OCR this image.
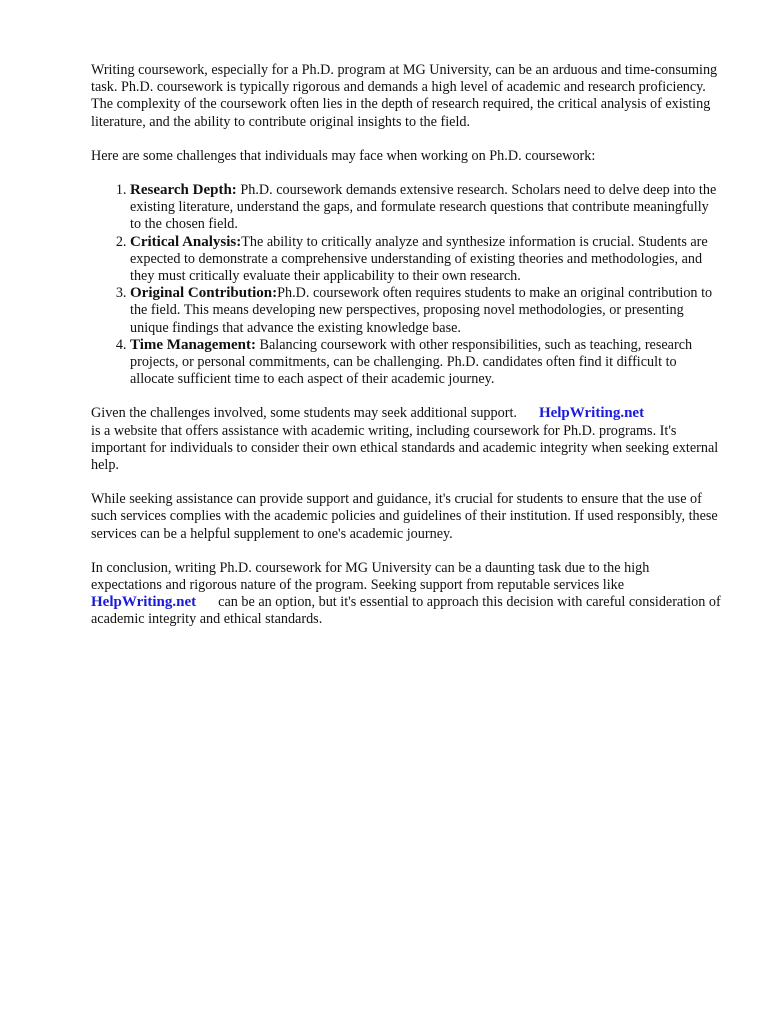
Writing coursework, especially for a Ph.D. program at MG University, can be an arduous and time-consuming task. Ph.D. coursework is typically rigorous and demands a high level of academic and research proficiency. The complexity of the coursework often lies in the depth of research required, the critical analysis of existing literature, and the ability to contribute original insights to the field.

Here are some challenges that individuals may face when working on Ph.D. coursework:

1. Research Depth: Ph.D. coursework demands extensive research. Scholars need to delve deep into the existing literature, understand the gaps, and formulate research questions that contribute meaningfully to the chosen field.
2. Critical Analysis:The ability to critically analyze and synthesize information is crucial. Students are expected to demonstrate a comprehensive understanding of existing theories and methodologies, and they must critically evaluate their applicability to their own research.
3. Original Contribution:Ph.D. coursework often requires students to make an original contribution to the field. This means developing new perspectives, proposing novel methodologies, or presenting unique findings that advance the existing knowledge base.
4. Time Management: Balancing coursework with other responsibilities, such as teaching, research projects, or personal commitments, can be challenging. Ph.D. candidates often find it difficult to allocate sufficient time to each aspect of their academic journey.

Given the challenges involved, some students may seek additional support. HelpWriting.net
is a website that offers assistance with academic writing, including coursework for Ph.D. programs. It's important for individuals to consider their own ethical standards and academic integrity when seeking external help.

While seeking assistance can provide support and guidance, it's crucial for students to ensure that the use of such services complies with the academic policies and guidelines of their institution. If used responsibly, these services can be a helpful supplement to one's academic journey.

In conclusion, writing Ph.D. coursework for MG University can be a daunting task due to the high expectations and rigorous nature of the program. Seeking support from reputable services like
HelpWriting.net can be an option, but it's essential to approach this decision with careful consideration of academic integrity and ethical standards.
